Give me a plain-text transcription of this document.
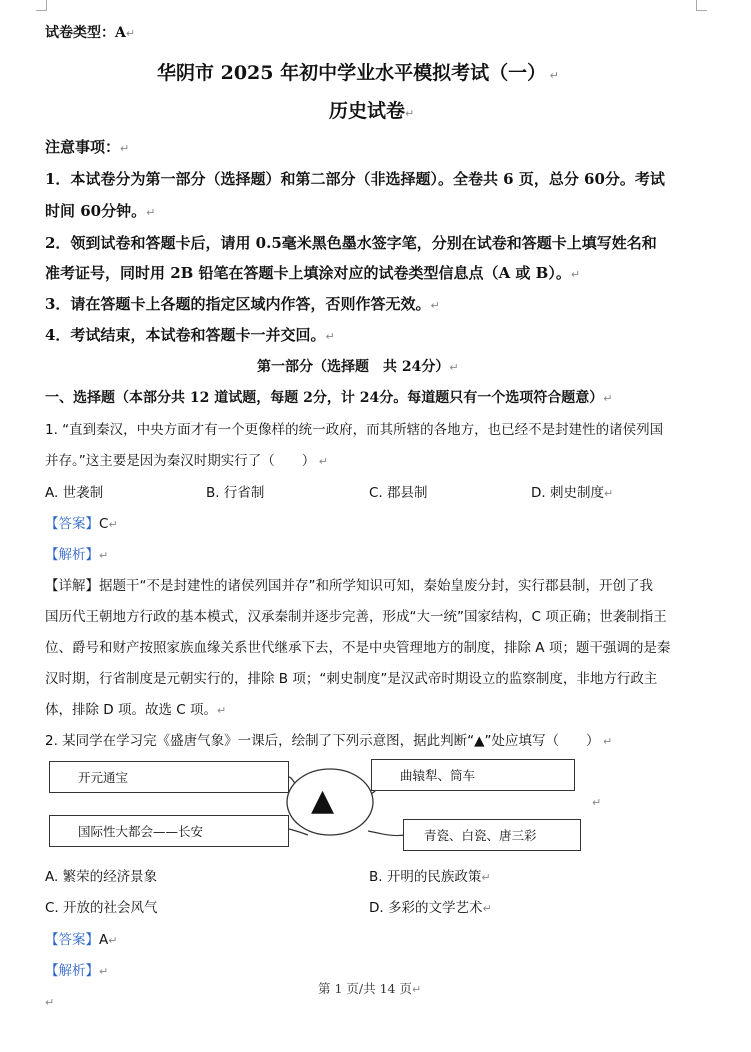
试卷类型：A↵
华阴市 2025 年初中学业水平模拟考试（一） ↵
历史试卷↵
注意事项：↵
1．本试卷分为第一部分（选择题）和第二部分（非选择题）。全卷共 6 页，总分 60分。考试
时间 60分钟。↵
2．领到试卷和答题卡后，请用 0.5毫米黑色墨水签字笔，分别在试卷和答题卡上填写姓名和
准考证号，同时用 2B 铅笔在答题卡上填涂对应的试卷类型信息点（A 或 B）。↵
3．请在答题卡上各题的指定区域内作答，否则作答无效。↵
4．考试结束，本试卷和答题卡一并交回。↵
第一部分（选择题　共 24分）↵
一、选择题（本部分共 12 道试题，每题 2分，计 24分。每道题只有一个选项符合题意）↵
1. “直到秦汉，中央方面才有一个更像样的统一政府，而其所辖的各地方，也已经不是封建性的诸侯列国
并存。”这主要是因为秦汉时期实行了（　　） ↵
A. 世袭制	B. 行省制	C. 郡县制	D. 刺史制度↵
【答案】C↵
【解析】↵
【详解】据题干“不是封建性的诸侯列国并存”和所学知识可知，秦始皇废分封，实行郡县制，开创了我
国历代王朝地方行政的基本模式，汉承秦制并逐步完善，形成“大一统”国家结构，C 项正确；世袭制指王
位、爵号和财产按照家族血缘关系世代继承下去，不是中央管理地方的制度，排除 A 项；题干强调的是秦
汉时期，行省制度是元朝实行的，排除 B 项；“刺史制度”是汉武帝时期设立的监察制度，非地方行政主
体，排除 D 项。故选 C 项。↵
2. 某同学在学习完《盛唐气象》一课后，绘制了下列示意图，据此判断“▲”处应填写（　　） ↵
开元通宝
国际性大都会——长安
曲辕犁、筒车
青瓷、白瓷、唐三彩
▲	↵
A. 繁荣的经济景象	B. 开明的民族政策↵
C. 开放的社会风气	D. 多彩的文学艺术↵
【答案】A↵
【解析】↵
第 1 页/共 14 页↵
↵
